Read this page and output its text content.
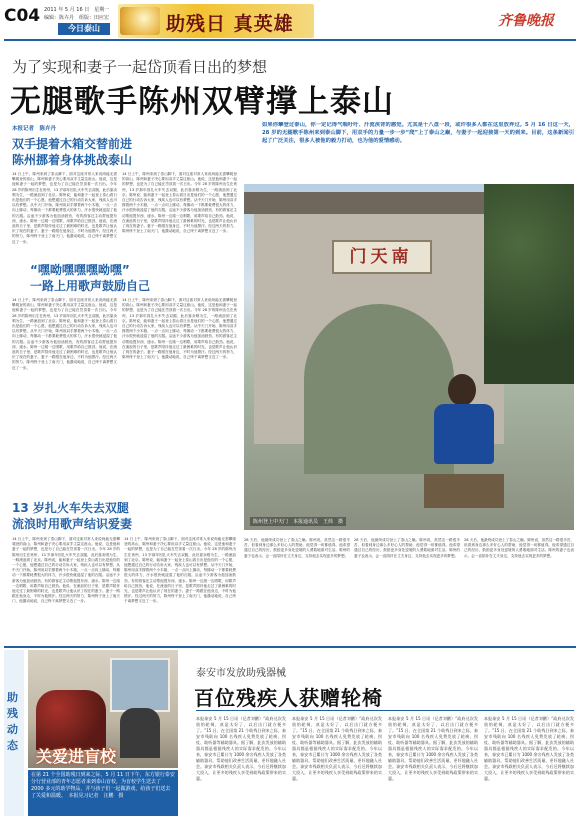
C04 2011 年 5 月 16 日　星期一
编辑：陈卉丹　组版：田应宏
今日泰山	助残日 真英雄	齐鲁晚报
为了实现和妻子一起岱顶看日出的梦想
无腿歌手陈州双臂撑上泰山
本报记者　陈卉丹
如果你攀登过泰山，你一定记得气喘吁吁、汗流浃背的感觉。尤其是十八盘一段，或许很多人都在这里放弃过。5 月 16 日这一天，28 岁的无腿歌手陈州来到泰山脚下，用双手的力量一步一步“爬”上了泰山之巅，与妻子一起迎接第一天的到来。目前，这条新闻引起了广泛关注，很多人被他的毅力打动，也为他的爱情感动。
双手提着木箱交替前进
陈州挪着身体挑战泰山
14 日上午，陈州来到了泰山脚下，面对这座对常人来说尚能无需攀爬登的高山，陈州和妻子决心要用双手丈量这座山。他说，这是他和妻子一起的梦想，也是为了自己能在岱顶看一次日出。今年 28 岁的陈州出生在贵州，13 岁那年因扎火车失去双腿，此后靠卖唱为生，一路流浪到了北京。陈州说，能和妻子一起登上泰山看日出是他们的一个心愿，他想通过自己的行动告诉大家，残疾人也可以有梦想。从中天门开始，陈州用双手撑着两个小木箱，一点一点向上挪动，每挪动一下都要耗费很大的体力，汗水很快就浸湿了他的衣服。沿途不少游客为他加油鼓劲，有的游客还主动帮他提东西、递水。陈州一边爬一边唱歌，用歌声给自己鼓劲。他说，在流浪的日子里，是歌声陪伴他走过了最困难的时光，也是歌声让他认识了现在的妻子。妻子一路跟在他身边，不时为他擦汗。经过两天的努力，陈州终于登上了南天门，他激动地说，自己终于离梦想又近了一步。
14 日上午，陈州来到了泰山脚下，面对这座对常人来说尚能无需攀爬登的高山，陈州和妻子决心要用双手丈量这座山。他说，这是他和妻子一起的梦想，也是为了自己能在岱顶看一次日出。今年 28 岁的陈州出生在贵州，13 岁那年因扎火车失去双腿，此后靠卖唱为生，一路流浪到了北京。陈州说，能和妻子一起登上泰山看日出是他们的一个心愿，他想通过自己的行动告诉大家，残疾人也可以有梦想。从中天门开始，陈州用双手撑着两个小木箱，一点一点向上挪动，每挪动一下都要耗费很大的体力，汗水很快就浸湿了他的衣服。沿途不少游客为他加油鼓劲，有的游客还主动帮他提东西、递水。陈州一边爬一边唱歌，用歌声给自己鼓劲。他说，在流浪的日子里，是歌声陪伴他走过了最困难的时光，也是歌声让他认识了现在的妻子。妻子一路跟在他身边，不时为他擦汗。经过两天的努力，陈州终于登上了南天门，他激动地说，自己终于离梦想又近了一步。
“嘿呦嘿嘿嘿呦嘿”
一路上用歌声鼓励自己
14 日上午，陈州来到了泰山脚下，面对这座对常人来说尚能无需攀爬登的高山，陈州和妻子决心要用双手丈量这座山。他说，这是他和妻子一起的梦想，也是为了自己能在岱顶看一次日出。今年 28 岁的陈州出生在贵州，13 岁那年因扎火车失去双腿，此后靠卖唱为生，一路流浪到了北京。陈州说，能和妻子一起登上泰山看日出是他们的一个心愿，他想通过自己的行动告诉大家，残疾人也可以有梦想。从中天门开始，陈州用双手撑着两个小木箱，一点一点向上挪动，每挪动一下都要耗费很大的体力，汗水很快就浸湿了他的衣服。沿途不少游客为他加油鼓劲，有的游客还主动帮他提东西、递水。陈州一边爬一边唱歌，用歌声给自己鼓劲。他说，在流浪的日子里，是歌声陪伴他走过了最困难的时光，也是歌声让他认识了现在的妻子。妻子一路跟在他身边，不时为他擦汗。经过两天的努力，陈州终于登上了南天门，他激动地说，自己终于离梦想又近了一步。
14 日上午，陈州来到了泰山脚下，面对这座对常人来说尚能无需攀爬登的高山，陈州和妻子决心要用双手丈量这座山。他说，这是他和妻子一起的梦想，也是为了自己能在岱顶看一次日出。今年 28 岁的陈州出生在贵州，13 岁那年因扎火车失去双腿，此后靠卖唱为生，一路流浪到了北京。陈州说，能和妻子一起登上泰山看日出是他们的一个心愿，他想通过自己的行动告诉大家，残疾人也可以有梦想。从中天门开始，陈州用双手撑着两个小木箱，一点一点向上挪动，每挪动一下都要耗费很大的体力，汗水很快就浸湿了他的衣服。沿途不少游客为他加油鼓劲，有的游客还主动帮他提东西、递水。陈州一边爬一边唱歌，用歌声给自己鼓劲。他说，在流浪的日子里，是歌声陪伴他走过了最困难的时光，也是歌声让他认识了现在的妻子。妻子一路跟在他身边，不时为他擦汗。经过两天的努力，陈州终于登上了南天门，他激动地说，自己终于离梦想又近了一步。
13 岁扎火车失去双腿
流浪时用歌声结识爱妻
14 日上午，陈州来到了泰山脚下，面对这座对常人来说尚能无需攀爬登的高山，陈州和妻子决心要用双手丈量这座山。他说，这是他和妻子一起的梦想，也是为了自己能在岱顶看一次日出。今年 28 岁的陈州出生在贵州，13 岁那年因扎火车失去双腿，此后靠卖唱为生，一路流浪到了北京。陈州说，能和妻子一起登上泰山看日出是他们的一个心愿，他想通过自己的行动告诉大家，残疾人也可以有梦想。从中天门开始，陈州用双手撑着两个小木箱，一点一点向上挪动，每挪动一下都要耗费很大的体力，汗水很快就浸湿了他的衣服。沿途不少游客为他加油鼓劲，有的游客还主动帮他提东西、递水。陈州一边爬一边唱歌，用歌声给自己鼓劲。他说，在流浪的日子里，是歌声陪伴他走过了最困难的时光，也是歌声让他认识了现在的妻子。妻子一路跟在他身边，不时为他擦汗。经过两天的努力，陈州终于登上了南天门，他激动地说，自己终于离梦想又近了一步。
14 日上午，陈州来到了泰山脚下，面对这座对常人来说尚能无需攀爬登的高山，陈州和妻子决心要用双手丈量这座山。他说，这是他和妻子一起的梦想，也是为了自己能在岱顶看一次日出。今年 28 岁的陈州出生在贵州，13 岁那年因扎火车失去双腿，此后靠卖唱为生，一路流浪到了北京。陈州说，能和妻子一起登上泰山看日出是他们的一个心愿，他想通过自己的行动告诉大家，残疾人也可以有梦想。从中天门开始，陈州用双手撑着两个小木箱，一点一点向上挪动，每挪动一下都要耗费很大的体力，汗水很快就浸湿了他的衣服。沿途不少游客为他加油鼓劲，有的游客还主动帮他提东西、递水。陈州一边爬一边唱歌，用歌声给自己鼓劲。他说，在流浪的日子里，是歌声陪伴他走过了最困难的时光，也是歌声让他认识了现在的妻子。妻子一路跟在他身边，不时为他擦汗。经过两天的努力，陈州终于登上了南天门，他激动地说，自己终于离梦想又近了一步。
门天南
陈州登上中天门　本报通讯员　王炜　摄
28 天后，他最终成功登上了泰山之巅。陈州说，虽然这一路很辛苦，但看到身边那么多好心人的帮助，他觉得一切都值得。他希望通过自己的经历，鼓励更多身处逆境的人勇敢地面对生活。陈州的妻子也表示，会一直陪伴在丈夫身边，支持他去实现更多的梦想。
28 天后，他最终成功登上了泰山之巅。陈州说，虽然这一路很辛苦，但看到身边那么多好心人的帮助，他觉得一切都值得。他希望通过自己的经历，鼓励更多身处逆境的人勇敢地面对生活。陈州的妻子也表示，会一直陪伴在丈夫身边，支持他去实现更多的梦想。
28 天后，他最终成功登上了泰山之巅。陈州说，虽然这一路很辛苦，但看到身边那么多好心人的帮助，他觉得一切都值得。他希望通过自己的经历，鼓励更多身处逆境的人勇敢地面对生活。陈州的妻子也表示，会一直陪伴在丈夫身边，支持他去实现更多的梦想。
助残动态
关爱进盲校
在第 21 个全国助残日到来之际，5 月 11 日下午，东方银行泰安分行营业部的青年志愿者来到泰山盲校，为盲校学生送去了 2000 多元的助学物品，并与孩子们一起做游戏，给孩子们送去了关爱和温暖。　本报见习记者　汪鹏　摄
泰安市发放助残器械
百位残疾人获赠轮椅
本报泰安 5 月 15 日讯（记者刘鹏）“政府这次发放的轮椅，真是太好了，以后出门就方便多了。”15 日，在全国第 21 个助残日到来之际，泰安市残联向 100 名残疾人免费发放了轮椅、拐杖、助听器等辅助器具。据了解，此次发放的辅助器具都是根据残疾人的实际需求配发的。今年以来，泰安市已累计为 1000 余名残疾人发放了各类辅助器具，帮助他们改善生活质量、更好地融入社会。泰安市残联相关负责人表示，今后还将继续加大投入，让更多的残疾人享受到助残政策带来的实惠。
本报泰安 5 月 15 日讯（记者刘鹏）“政府这次发放的轮椅，真是太好了，以后出门就方便多了。”15 日，在全国第 21 个助残日到来之际，泰安市残联向 100 名残疾人免费发放了轮椅、拐杖、助听器等辅助器具。据了解，此次发放的辅助器具都是根据残疾人的实际需求配发的。今年以来，泰安市已累计为 1000 余名残疾人发放了各类辅助器具，帮助他们改善生活质量、更好地融入社会。泰安市残联相关负责人表示，今后还将继续加大投入，让更多的残疾人享受到助残政策带来的实惠。
本报泰安 5 月 15 日讯（记者刘鹏）“政府这次发放的轮椅，真是太好了，以后出门就方便多了。”15 日，在全国第 21 个助残日到来之际，泰安市残联向 100 名残疾人免费发放了轮椅、拐杖、助听器等辅助器具。据了解，此次发放的辅助器具都是根据残疾人的实际需求配发的。今年以来，泰安市已累计为 1000 余名残疾人发放了各类辅助器具，帮助他们改善生活质量、更好地融入社会。泰安市残联相关负责人表示，今后还将继续加大投入，让更多的残疾人享受到助残政策带来的实惠。
本报泰安 5 月 15 日讯（记者刘鹏）“政府这次发放的轮椅，真是太好了，以后出门就方便多了。”15 日，在全国第 21 个助残日到来之际，泰安市残联向 100 名残疾人免费发放了轮椅、拐杖、助听器等辅助器具。据了解，此次发放的辅助器具都是根据残疾人的实际需求配发的。今年以来，泰安市已累计为 1000 余名残疾人发放了各类辅助器具，帮助他们改善生活质量、更好地融入社会。泰安市残联相关负责人表示，今后还将继续加大投入，让更多的残疾人享受到助残政策带来的实惠。
